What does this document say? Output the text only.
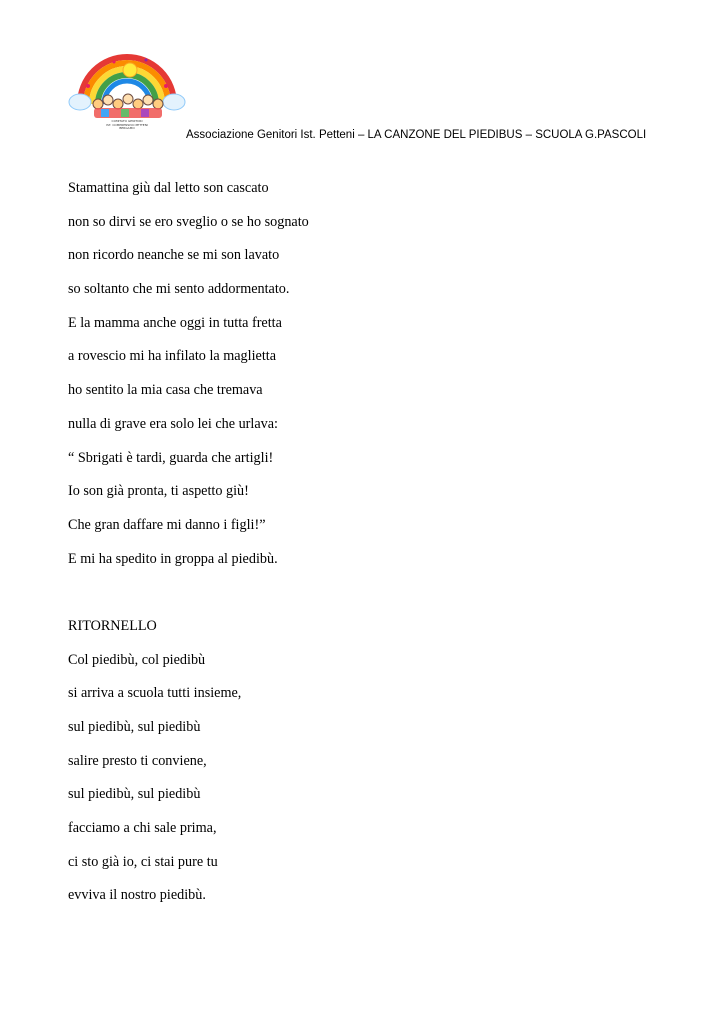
COMITATO GENITORI
IST. COMPRENSIVO PETTENI
BERGAMO
Associazione Genitori Ist. Petteni – LA CANZONE DEL PIEDIBUS – SCUOLA G.PASCOLI
Stamattina giù dal letto son cascato
non so dirvi se ero sveglio o se ho sognato
non ricordo neanche se mi son lavato
so soltanto che mi sento addormentato.
E la mamma anche oggi in tutta fretta
a rovescio mi ha infilato la maglietta
ho sentito la mia casa che tremava
nulla di grave era solo lei che urlava:
“ Sbrigati è tardi, guarda che artigli!
Io son già pronta, ti aspetto giù!
Che gran daffare mi danno i figli!”
E mi ha spedito in groppa al piedibù.
RITORNELLO
Col piedibù, col piedibù
si arriva a scuola tutti insieme,
sul piedibù, sul piedibù
salire presto ti conviene,
sul piedibù, sul piedibù
facciamo a chi sale prima,
ci sto già io, ci stai pure tu
evviva il nostro piedibù.
